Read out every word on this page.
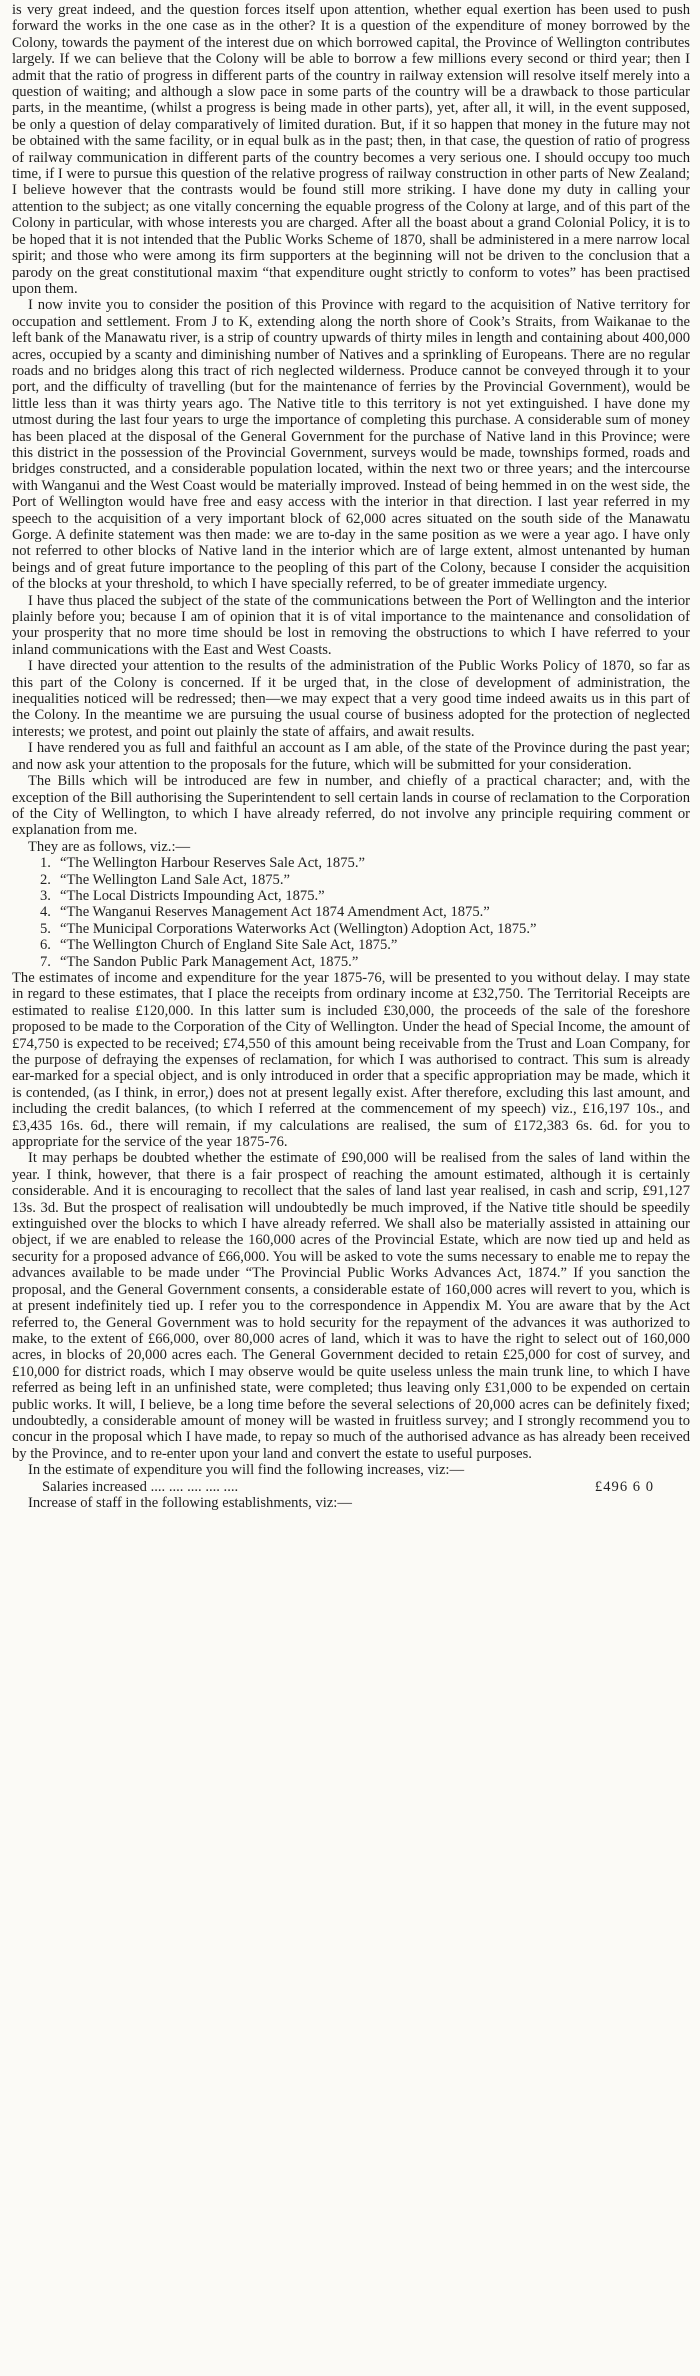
is very great indeed, and the question forces itself upon attention, whether equal exertion has been used to push forward the works in the one case as in the other? It is a question of the expenditure of money borrowed by the Colony, towards the payment of the interest due on which borrowed capital, the Province of Wellington contributes largely. If we can believe that the Colony will be able to borrow a few millions every second or third year; then I admit that the ratio of progress in different parts of the country in railway extension will resolve itself merely into a question of waiting; and although a slow pace in some parts of the country will be a drawback to those particular parts, in the meantime, (whilst a progress is being made in other parts), yet, after all, it will, in the event supposed, be only a question of delay comparatively of limited duration. But, if it so happen that money in the future may not be obtained with the same facility, or in equal bulk as in the past; then, in that case, the question of ratio of progress of railway communication in different parts of the country becomes a very serious one. I should occupy too much time, if I were to pursue this question of the relative progress of railway construction in other parts of New Zealand; I believe however that the contrasts would be found still more striking. I have done my duty in calling your attention to the subject; as one vitally concerning the equable progress of the Colony at large, and of this part of the Colony in particular, with whose interests you are charged. After all the boast about a grand Colonial Policy, it is to be hoped that it is not intended that the Public Works Scheme of 1870, shall be administered in a mere narrow local spirit; and those who were among its firm supporters at the beginning will not be driven to the conclusion that a parody on the great constitutional maxim “that expenditure ought strictly to conform to votes” has been practised upon them.

I now invite you to consider the position of this Province with regard to the acquisition of Native territory for occupation and settlement. From J to K, extending along the north shore of Cook’s Straits, from Waikanae to the left bank of the Manawatu river, is a strip of country upwards of thirty miles in length and containing about 400,000 acres, occupied by a scanty and diminishing number of Natives and a sprinkling of Europeans. There are no regular roads and no bridges along this tract of rich neglected wilderness. Produce cannot be conveyed through it to your port, and the difficulty of travelling (but for the maintenance of ferries by the Provincial Government), would be little less than it was thirty years ago. The Native title to this territory is not yet extinguished. I have done my utmost during the last four years to urge the importance of completing this purchase. A considerable sum of money has been placed at the disposal of the General Government for the purchase of Native land in this Province; were this district in the possession of the Provincial Government, surveys would be made, townships formed, roads and bridges constructed, and a considerable population located, within the next two or three years; and the intercourse with Wanganui and the West Coast would be materially improved. Instead of being hemmed in on the west side, the Port of Wellington would have free and easy access with the interior in that direction. I last year referred in my speech to the acquisition of a very important block of 62,000 acres situated on the south side of the Manawatu Gorge. A definite statement was then made: we are to-day in the same position as we were a year ago. I have only not referred to other blocks of Native land in the interior which are of large extent, almost untenanted by human beings and of great future importance to the peopling of this part of the Colony, because I consider the acquisition of the blocks at your threshold, to which I have specially referred, to be of greater immediate urgency.

I have thus placed the subject of the state of the communications between the Port of Wellington and the interior plainly before you; because I am of opinion that it is of vital importance to the maintenance and consolidation of your prosperity that no more time should be lost in removing the obstructions to which I have referred to your inland communications with the East and West Coasts.

I have directed your attention to the results of the administration of the Public Works Policy of 1870, so far as this part of the Colony is concerned. If it be urged that, in the close of development of administration, the inequalities noticed will be redressed; then—we may expect that a very good time indeed awaits us in this part of the Colony. In the meantime we are pursuing the usual course of business adopted for the protection of neglected interests; we protest, and point out plainly the state of affairs, and await results.

I have rendered you as full and faithful an account as I am able, of the state of the Province during the past year; and now ask your attention to the proposals for the future, which will be submitted for your consideration.

The Bills which will be introduced are few in number, and chiefly of a practical character; and, with the exception of the Bill authorising the Superintendent to sell certain lands in course of reclamation to the Corporation of the City of Wellington, to which I have already referred, do not involve any principle requiring comment or explanation from me.

They are as follows, viz.:—

1. “The Wellington Harbour Reserves Sale Act, 1875.”
2. “The Wellington Land Sale Act, 1875.”
3. “The Local Districts Impounding Act, 1875.”
4. “The Wanganui Reserves Management Act 1874 Amendment Act, 1875.”
5. “The Municipal Corporations Waterworks Act (Wellington) Adoption Act, 1875.”
6. “The Wellington Church of England Site Sale Act, 1875.”
7. “The Sandon Public Park Management Act, 1875.”

The estimates of income and expenditure for the year 1875-76, will be presented to you without delay. I may state in regard to these estimates, that I place the receipts from ordinary income at £32,750. The Territorial Receipts are estimated to realise £120,000. In this latter sum is included £30,000, the proceeds of the sale of the foreshore proposed to be made to the Corporation of the City of Wellington. Under the head of Special Income, the amount of £74,750 is expected to be received; £74,550 of this amount being receivable from the Trust and Loan Company, for the purpose of defraying the expenses of reclamation, for which I was authorised to contract. This sum is already ear-marked for a special object, and is only introduced in order that a specific appropriation may be made, which it is contended, (as I think, in error,) does not at present legally exist. After therefore, excluding this last amount, and including the credit balances, (to which I referred at the commencement of my speech) viz., £16,197 10s., and £3,435 16s. 6d., there will remain, if my calculations are realised, the sum of £172,383 6s. 6d. for you to appropriate for the service of the year 1875-76.

It may perhaps be doubted whether the estimate of £90,000 will be realised from the sales of land within the year. I think, however, that there is a fair prospect of reaching the amount estimated, although it is certainly considerable. And it is encouraging to recollect that the sales of land last year realised, in cash and scrip, £91,127 13s. 3d. But the prospect of realisation will undoubtedly be much improved, if the Native title should be speedily extinguished over the blocks to which I have already referred. We shall also be materially assisted in attaining our object, if we are enabled to release the 160,000 acres of the Provincial Estate, which are now tied up and held as security for a proposed advance of £66,000. You will be asked to vote the sums necessary to enable me to repay the advances available to be made under “The Provincial Public Works Advances Act, 1874.” If you sanction the proposal, and the General Government consents, a considerable estate of 160,000 acres will revert to you, which is at present indefinitely tied up. I refer you to the correspondence in Appendix M. You are aware that by the Act referred to, the General Government was to hold security for the repayment of the advances it was authorized to make, to the extent of £66,000, over 80,000 acres of land, which it was to have the right to select out of 160,000 acres, in blocks of 20,000 acres each. The General Government decided to retain £25,000 for cost of survey, and £10,000 for district roads, which I may observe would be quite useless unless the main trunk line, to which I have referred as being left in an unfinished state, were completed; thus leaving only £31,000 to be expended on certain public works. It will, I believe, be a long time before the several selections of 20,000 acres can be definitely fixed; undoubtedly, a considerable amount of money will be wasted in fruitless survey; and I strongly recommend you to concur in the proposal which I have made, to repay so much of the authorised advance as has already been received by the Province, and to re-enter upon your land and convert the estate to useful purposes.

In the estimate of expenditure you will find the following increases, viz:—

Salaries increased .... .... .... .... ....	£496 6 0

Increase of staff in the following establishments, viz:—
